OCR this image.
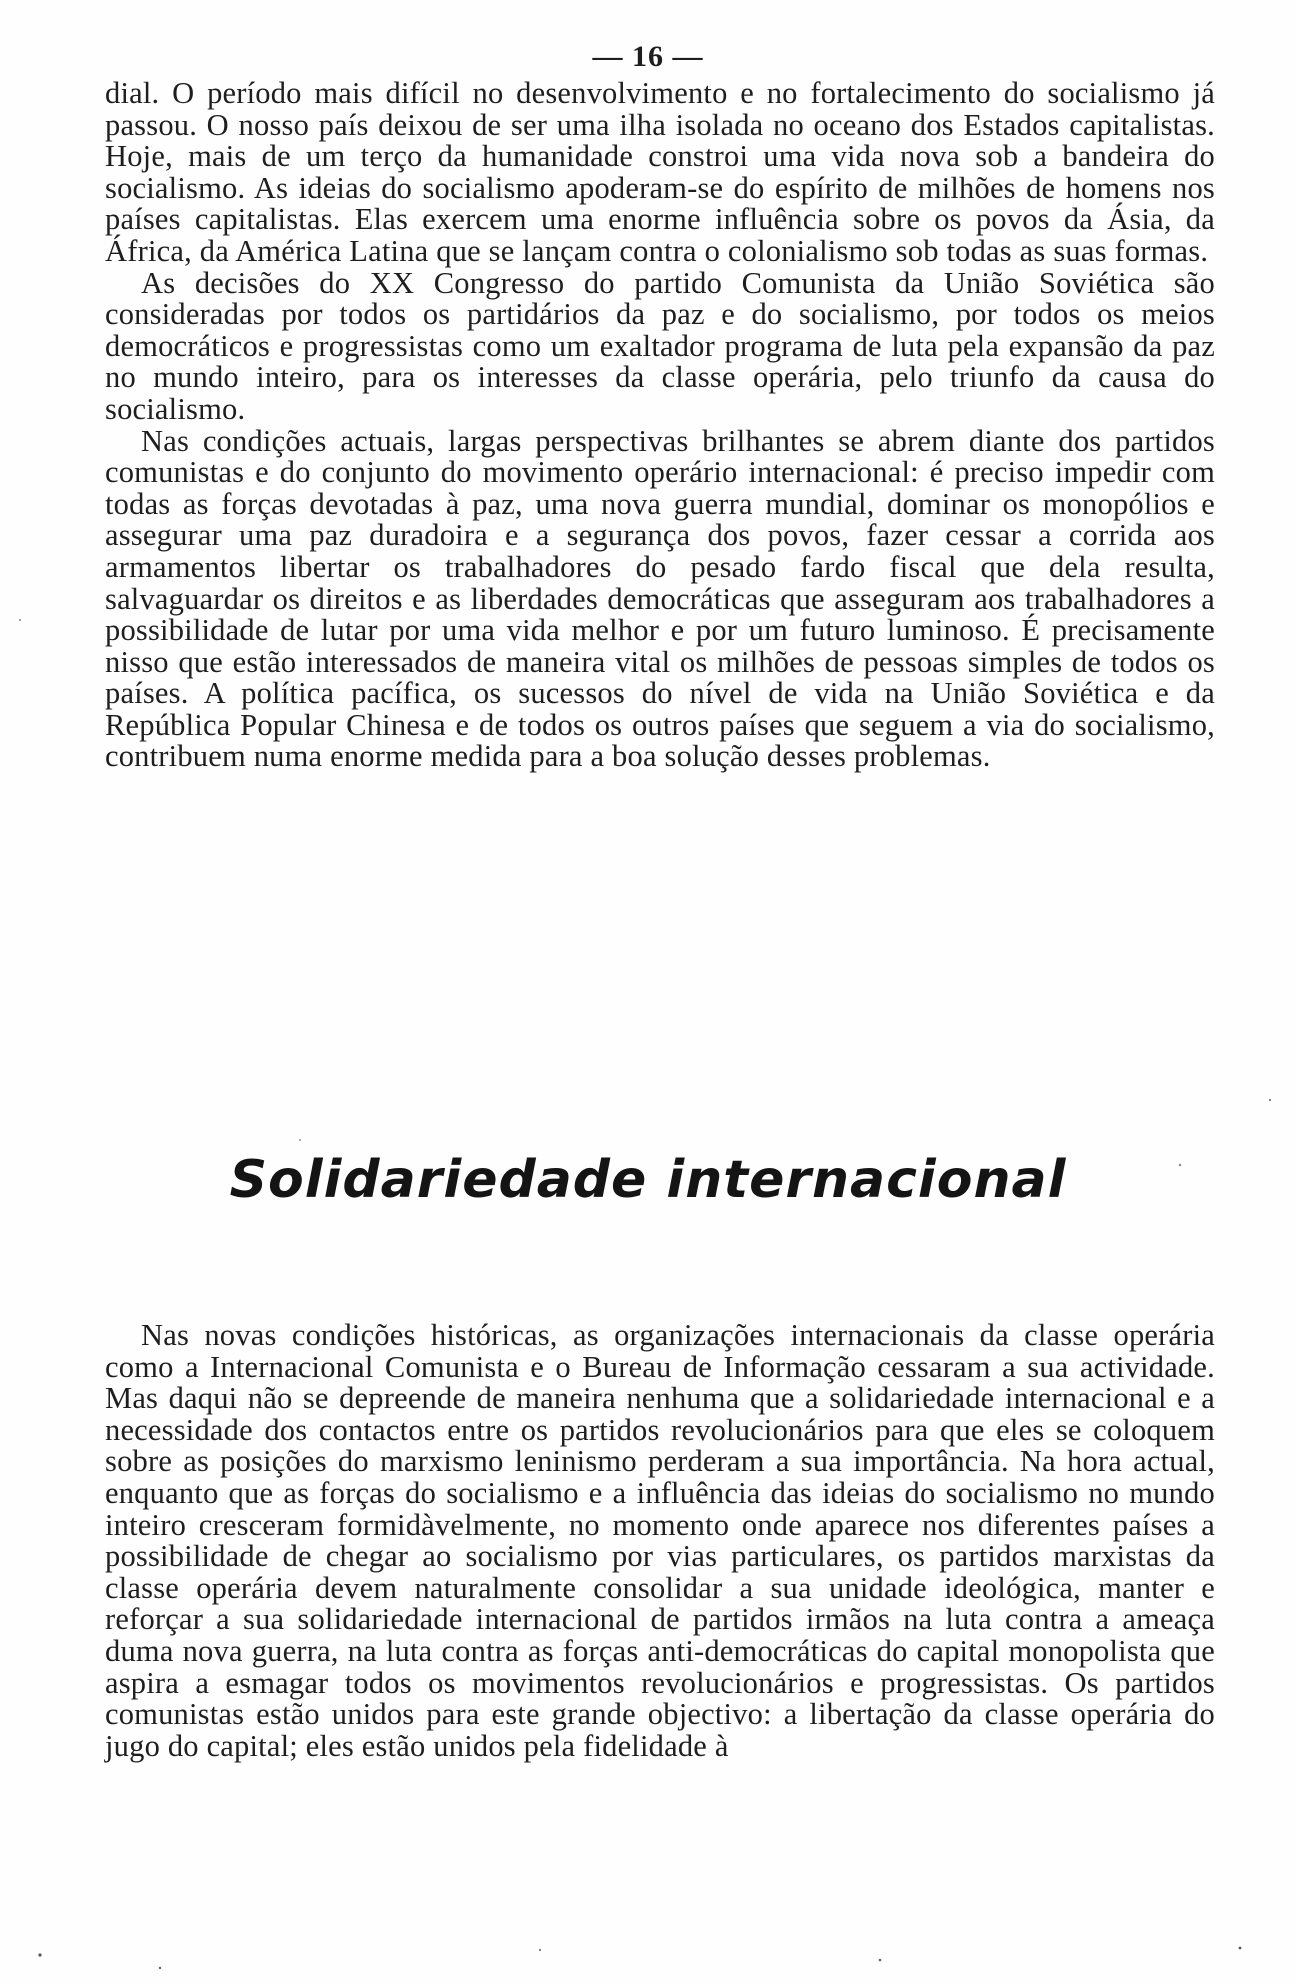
— 16 —

dial. O período mais difícil no desenvolvimento e no fortalecimento do socialismo já passou. O nosso país deixou de ser uma ilha isolada no oceano dos Estados capitalistas. Hoje, mais de um terço da humanidade constroi uma vida nova sob a bandeira do socialismo. As ideias do socialismo apoderam-se do espírito de milhões de homens nos países capitalistas. Elas exercem uma enorme influência sobre os povos da Ásia, da África, da América Latina que se lançam contra o colonialismo sob todas as suas formas.

As decisões do XX Congresso do partido Comunista da União Soviética são consideradas por todos os partidários da paz e do socialismo, por todos os meios democráticos e progressistas como um exaltador programa de luta pela expansão da paz no mundo inteiro, para os interesses da classe operária, pelo triunfo da causa do socialismo.

Nas condições actuais, largas perspectivas brilhantes se abrem diante dos partidos comunistas e do conjunto do movimento operário internacional: é preciso impedir com todas as forças devotadas à paz, uma nova guerra mundial, dominar os monopólios e assegurar uma paz duradoira e a segurança dos povos, fazer cessar a corrida aos armamentos libertar os trabalhadores do pesado fardo fiscal que dela resulta, salvaguardar os direitos e as liberdades democráticas que asseguram aos trabalhadores a possibilidade de lutar por uma vida melhor e por um futuro luminoso. É precisamente nisso que estão interessados de maneira vital os milhões de pessoas simples de todos os países. A política pacífica, os sucessos do nível de vida na União Soviética e da República Popular Chinesa e de todos os outros países que seguem a via do socialismo, contribuem numa enorme medida para a boa solução desses problemas.

Solidariedade internacional

Nas novas condições históricas, as organizações internacionais da classe operária como a Internacional Comunista e o Bureau de Informação cessaram a sua actividade. Mas daqui não se depreende de maneira nenhuma que a solidariedade internacional e a necessidade dos contactos entre os partidos revolucionários para que eles se coloquem sobre as posições do marxismo leninismo perderam a sua importância. Na hora actual, enquanto que as forças do socialismo e a influência das ideias do socialismo no mundo inteiro cresceram formidàvelmente, no momento onde aparece nos diferentes países a possibilidade de chegar ao socialismo por vias particulares, os partidos marxistas da classe operária devem naturalmente consolidar a sua unidade ideológica, manter e reforçar a sua solidariedade internacional de partidos irmãos na luta contra a ameaça duma nova guerra, na luta contra as forças anti-democráticas do capital monopolista que aspira a esmagar todos os movimentos revolucionários e progressistas. Os partidos comunistas estão unidos para este grande objectivo: a libertação da classe operária do jugo do capital; eles estão unidos pela fidelidade à
